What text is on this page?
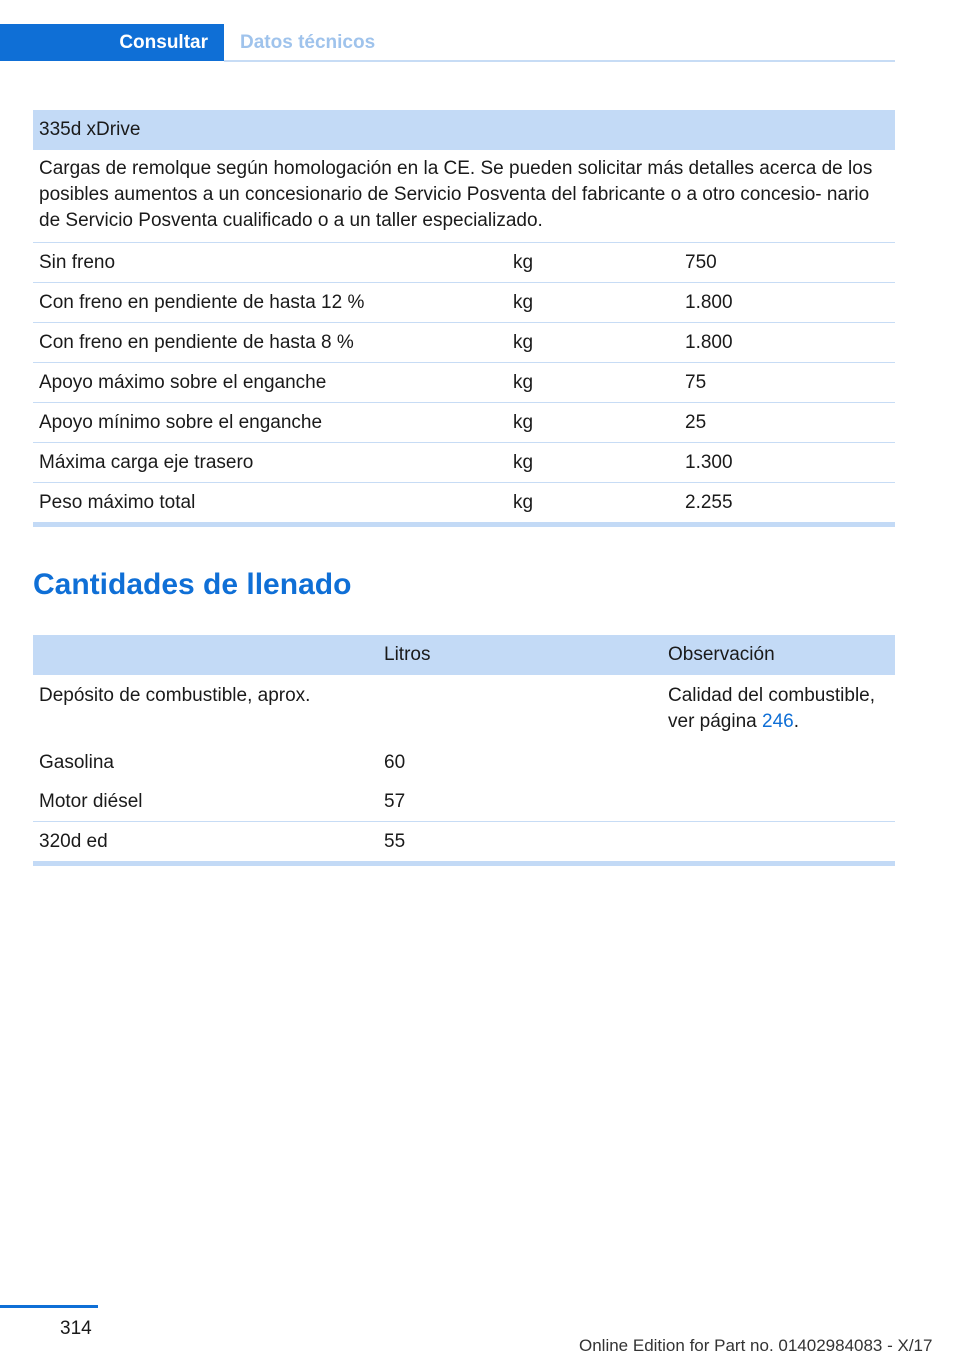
Consultar	Datos técnicos
335d xDrive		
Cargas de remolque según homologación en la CE. Se pueden solicitar más detalles acerca de los posibles aumentos a un concesionario de Servicio Posventa del fabricante o a otro concesio- nario de Servicio Posventa cualificado o a un taller especializado.		
Sin freno	kg	750
Con freno en pendiente de hasta 12 %	kg	1.800
Con freno en pendiente de hasta 8 %	kg	1.800
Apoyo máximo sobre el enganche	kg	75
Apoyo mínimo sobre el enganche	kg	25
Máxima carga eje trasero	kg	1.300
Peso máximo total	kg	2.255
Cantidades de llenado
	Litros	Observación
Depósito de combustible, aprox.		Calidad del combustible, ver página 246.
Gasolina	60	
Motor diésel	57	
320d ed	55	
314
Online Edition for Part no. 01402984083 - X/17
